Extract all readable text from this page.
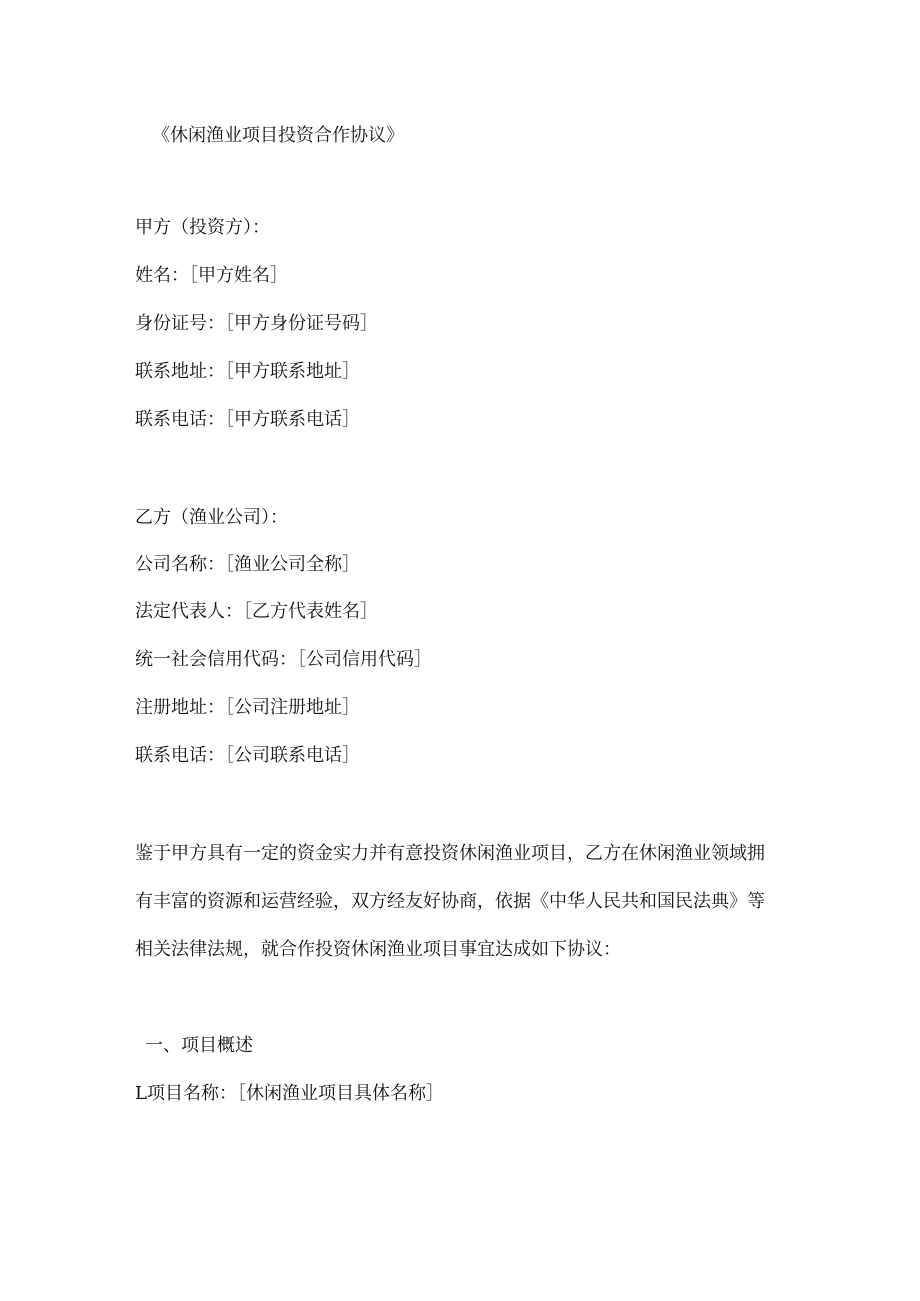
《休闲渔业项目投资合作协议》
甲方（投资方）：
姓名：［甲方姓名］
身份证号：［甲方身份证号码］
联系地址：［甲方联系地址］
联系电话：［甲方联系电话］
乙方（渔业公司）：
公司名称：［渔业公司全称］
法定代表人：［乙方代表姓名］
统一社会信用代码：［公司信用代码］
注册地址：［公司注册地址］
联系电话：［公司联系电话］
鉴于甲方具有一定的资金实力并有意投资休闲渔业项目，乙方在休闲渔业领域拥
有丰富的资源和运营经验，双方经友好协商，依据《中华人民共和国民法典》等
相关法律法规，就合作投资休闲渔业项目事宜达成如下协议：
一、项目概述
L项目名称：［休闲渔业项目具体名称］
